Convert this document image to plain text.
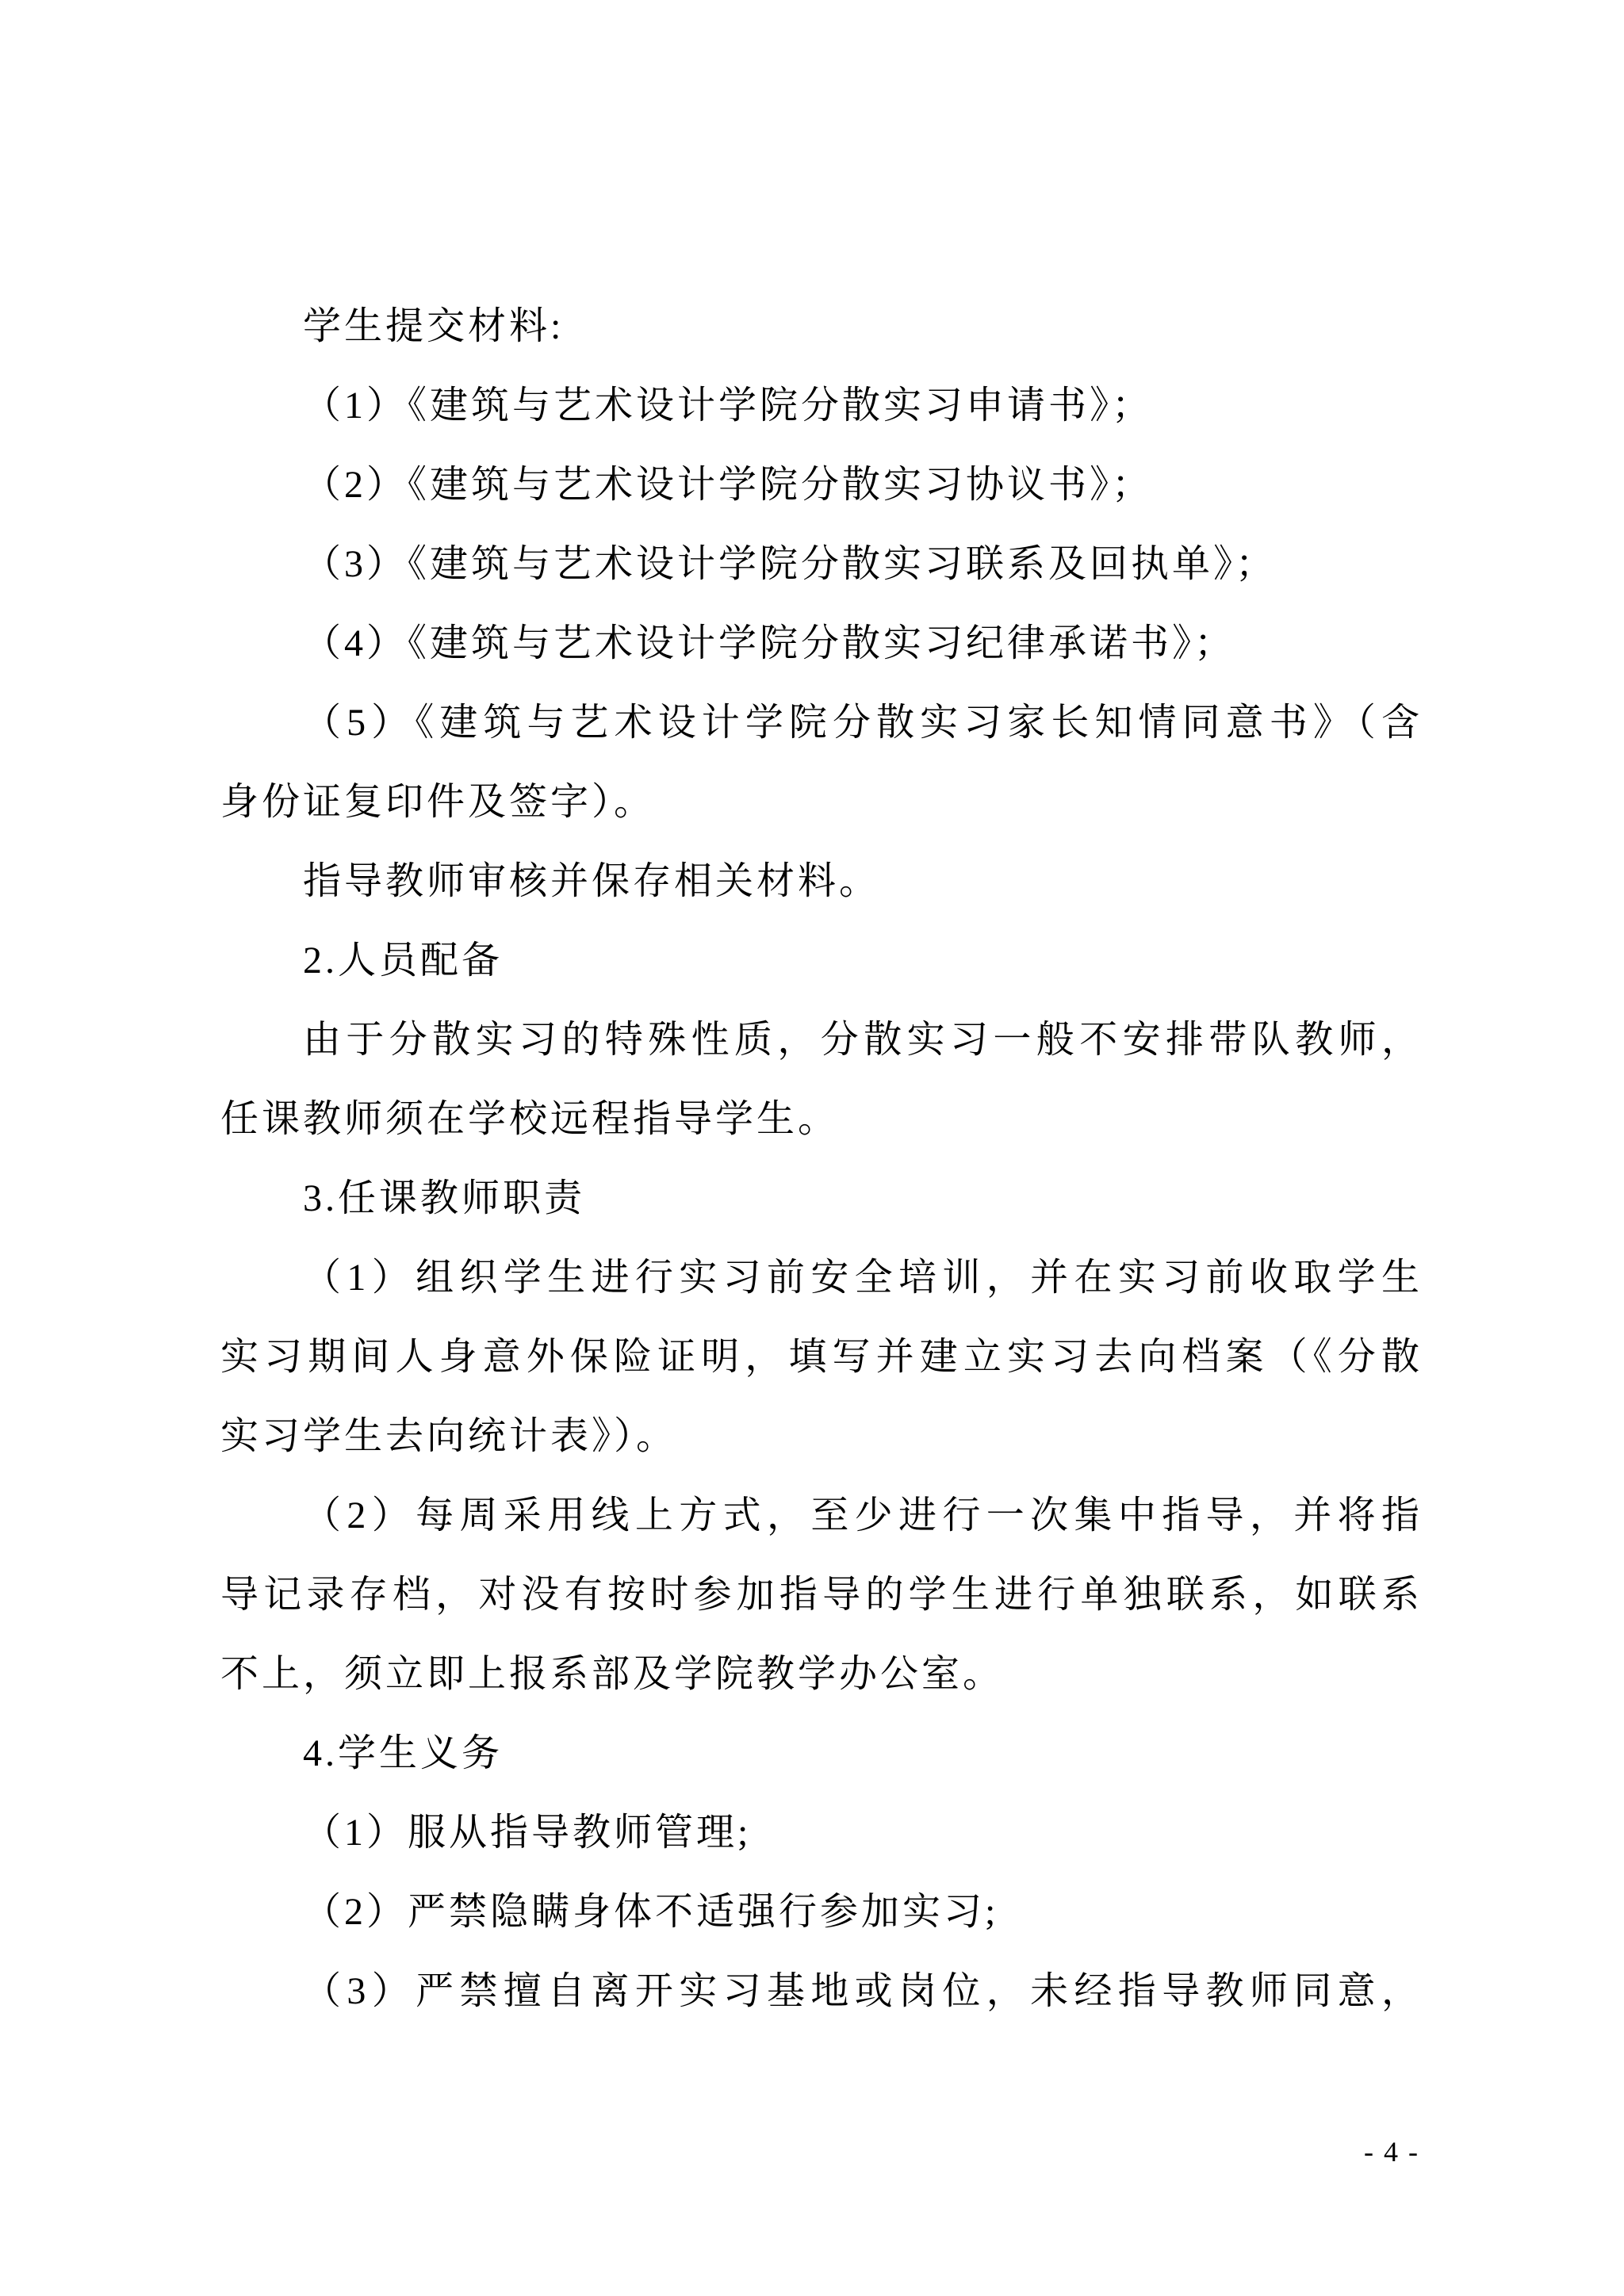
学生提交材料:
（1）《建筑与艺术设计学院分散实习申请书》；
（2）《建筑与艺术设计学院分散实习协议书》；
（3）《建筑与艺术设计学院分散实习联系及回执单》；
（4）《建筑与艺术设计学院分散实习纪律承诺书》；
（5）《建筑与艺术设计学院分散实习家长知情同意书》（含
身份证复印件及签字）。
指导教师审核并保存相关材料。
2.人员配备
由于分散实习的特殊性质，分散实习一般不安排带队教师，
任课教师须在学校远程指导学生。
3.任课教师职责
（1）组织学生进行实习前安全培训，并在实习前收取学生
实习期间人身意外保险证明，填写并建立实习去向档案（《分散
实习学生去向统计表》）。
（2）每周采用线上方式，至少进行一次集中指导，并将指
导记录存档，对没有按时参加指导的学生进行单独联系，如联系
不上，须立即上报系部及学院教学办公室。
4.学生义务
（1）服从指导教师管理;
（2）严禁隐瞒身体不适强行参加实习;
（3）严禁擅自离开实习基地或岗位，未经指导教师同意，
- 4 -
